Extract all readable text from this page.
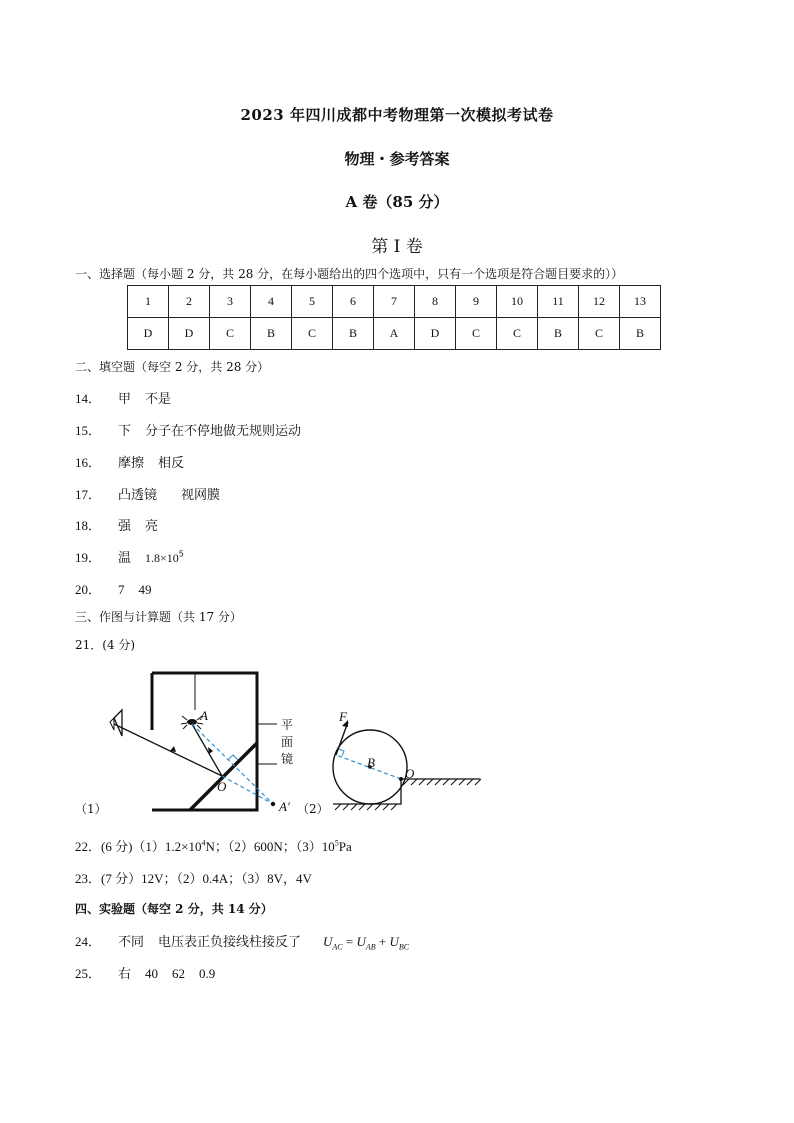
2023 年四川成都中考物理第一次模拟考试卷
物理・参考答案
A 卷（85 分）
第 I 卷
一、选择题（每小题 2 分，共 28 分，在每小题给出的四个选项中，只有一个选项是符合题目要求的））
1	2	3	4	5	6	7	8	9	10	11	12	13
D	D	C	B	C	B	A	D	C	C	B	C	B
二、填空题（每空 2 分，共 28 分）
14． 甲 不是
15． 下 分子在不停地做无规则运动
16． 摩擦 相反
17． 凸透镜 视网膜
18． 强 亮
19． 温 $1.8\times 10^5$
20． 7 49
三、作图与计算题（共 17 分）
21．(4 分)
A
O
A′
平
面
镜
（1）
F
B
O
（2）
22．(6 分)$(1)1.2\times 10^4N$；（2）600N；$(3)10^5Pa$
23．(7 分）12V；（2）0.4A；（3）8V，4V
四、实验题（每空 2 分，共 14 分）
24． 不同 电压表正负接线柱接反了 $U_{AC} = U_{AB} + U_{BC}$
25． 右 40 62 0.9
